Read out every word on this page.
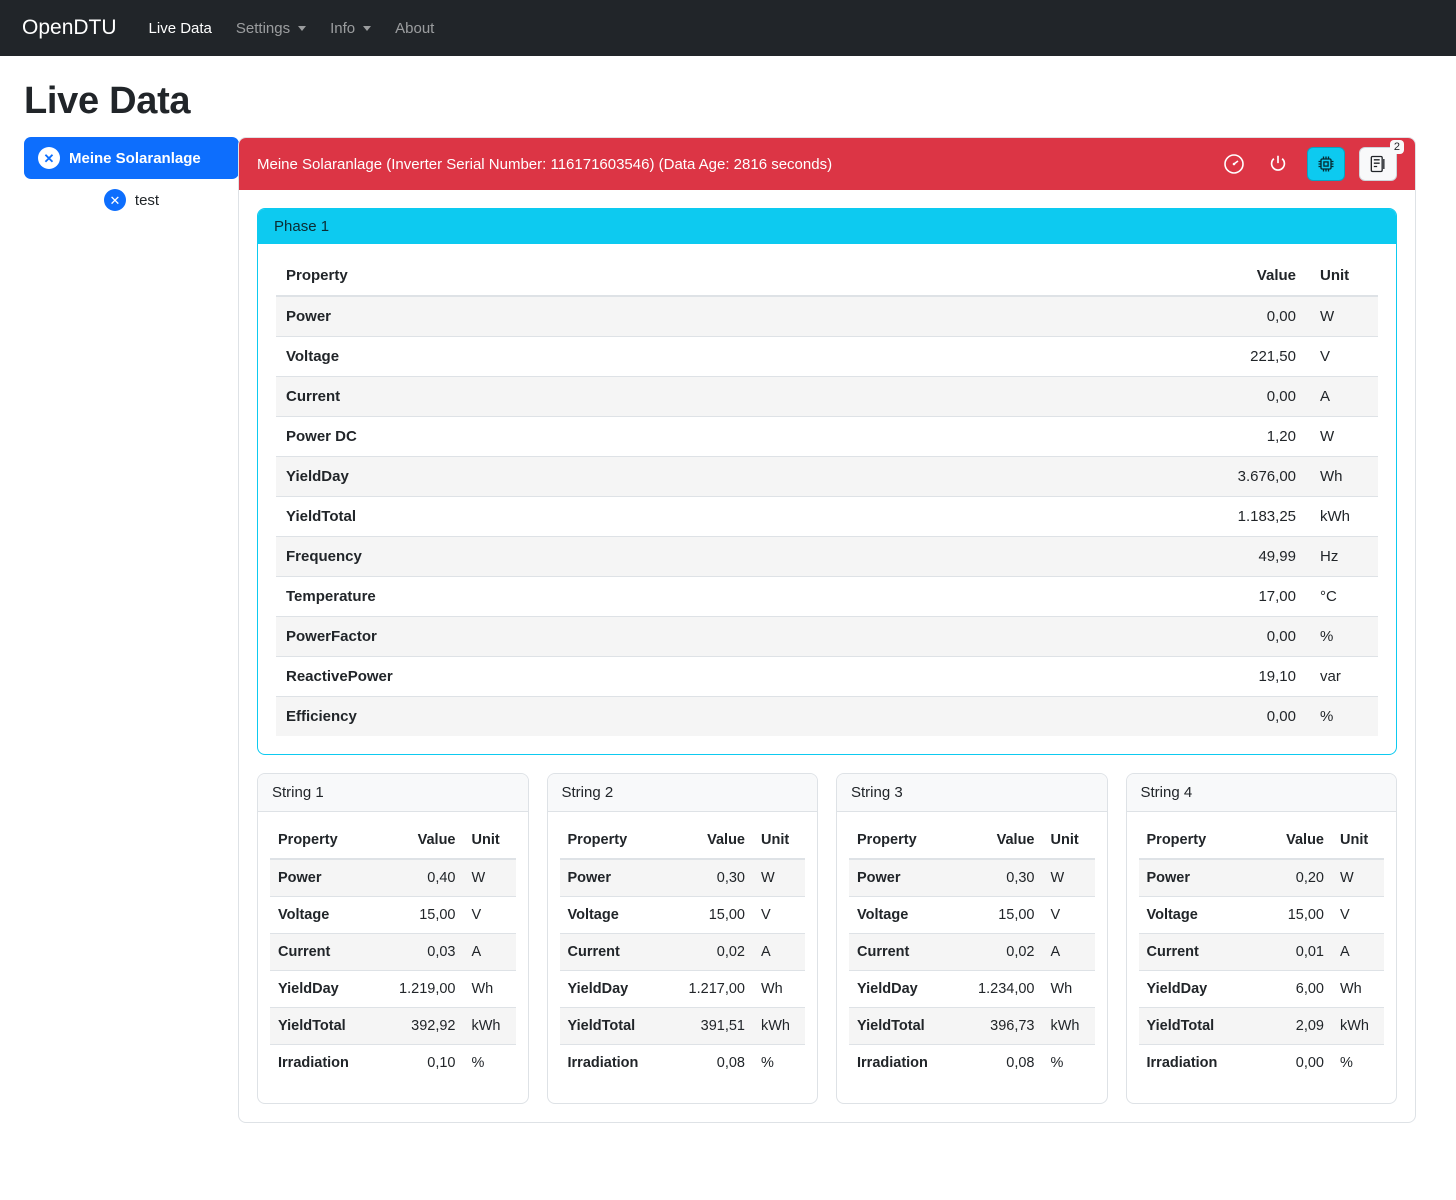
OpenDTU Live Data Settings	Info	About
Live Data
✕ Meine Solaranlage
✕ test
Meine Solaranlage (Inverter Serial Number: 116171603546) (Data Age: 2816 seconds)
2
Phase 1
Property	Value	Unit
Power	0,00	W
Voltage	221,50	V
Current	0,00	A
Power DC	1,20	W
YieldDay	3.676,00	Wh
YieldTotal	1.183,25	kWh
Frequency	49,99	Hz
Temperature	17,00	°C
PowerFactor	0,00	%
ReactivePower	19,10	var
Efficiency	0,00	%
String 1
Property	Value	Unit
Power	0,40	W
Voltage	15,00	V
Current	0,03	A
YieldDay	1.219,00	Wh
YieldTotal	392,92	kWh
Irradiation	0,10	%
String 2
Property	Value	Unit
Power	0,30	W
Voltage	15,00	V
Current	0,02	A
YieldDay	1.217,00	Wh
YieldTotal	391,51	kWh
Irradiation	0,08	%
String 3
Property	Value	Unit
Power	0,30	W
Voltage	15,00	V
Current	0,02	A
YieldDay	1.234,00	Wh
YieldTotal	396,73	kWh
Irradiation	0,08	%
String 4
Property	Value	Unit
Power	0,20	W
Voltage	15,00	V
Current	0,01	A
YieldDay	6,00	Wh
YieldTotal	2,09	kWh
Irradiation	0,00	%
